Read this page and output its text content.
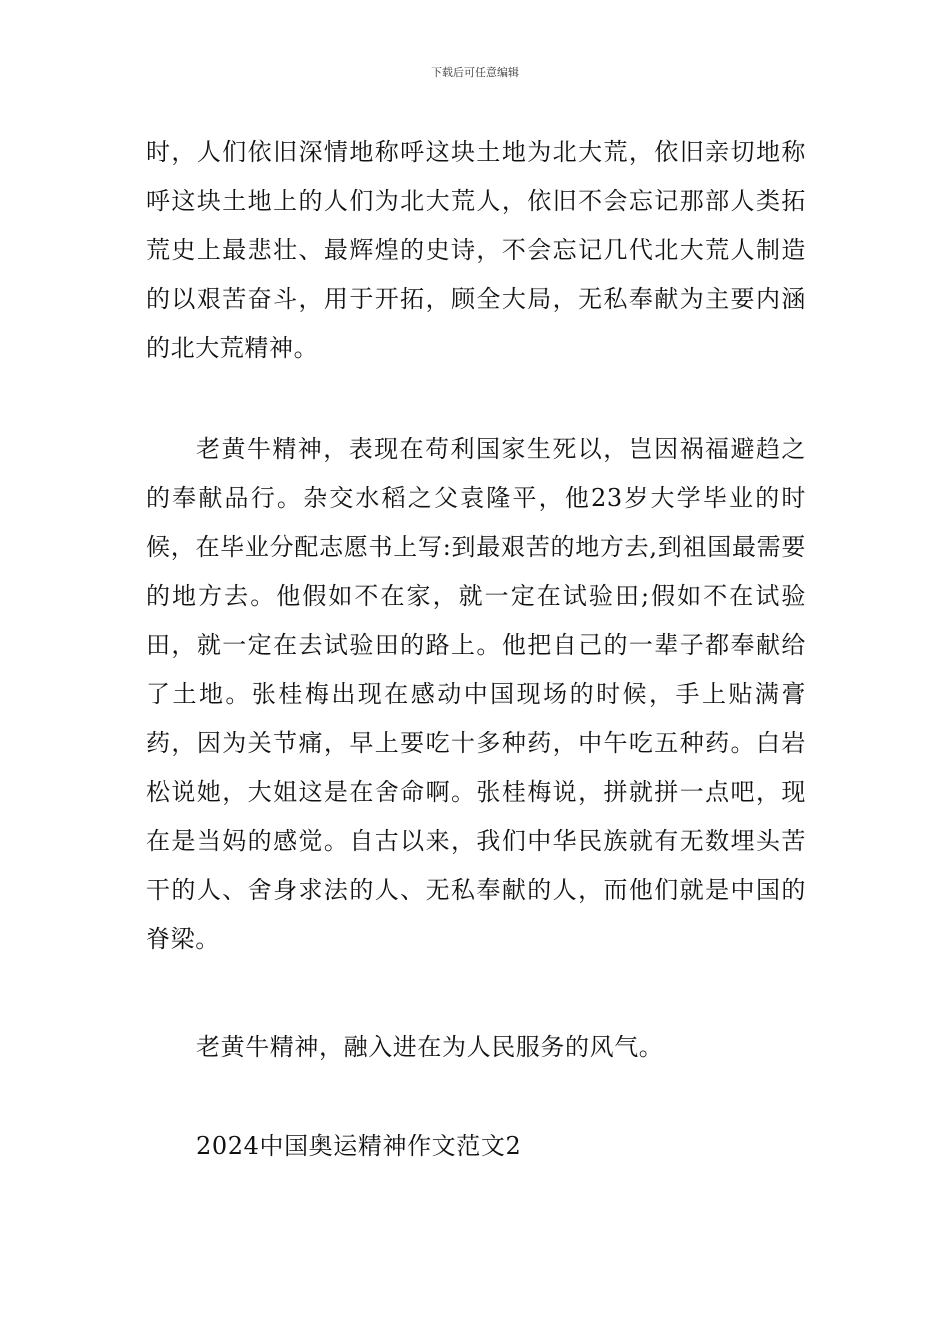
下载后可任意编辑

时，人们依旧深情地称呼这块土地为北大荒，依旧亲切地称呼这块土地上的人们为北大荒人，依旧不会忘记那部人类拓荒史上最悲壮、最辉煌的史诗，不会忘记几代北大荒人制造的以艰苦奋斗，用于开拓，顾全大局，无私奉献为主要内涵的北大荒精神。

老黄牛精神，表现在苟利国家生死以，岂因祸福避趋之的奉献品行。杂交水稻之父袁隆平，他23岁大学毕业的时候，在毕业分配志愿书上写:到最艰苦的地方去,到祖国最需要的地方去。他假如不在家，就一定在试验田;假如不在试验田，就一定在去试验田的路上。他把自己的一辈子都奉献给了土地。张桂梅出现在感动中国现场的时候，手上贴满膏药，因为关节痛，早上要吃十多种药，中午吃五种药。白岩松说她，大姐这是在舍命啊。张桂梅说，拼就拼一点吧，现在是当妈的感觉。自古以来，我们中华民族就有无数埋头苦干的人、舍身求法的人、无私奉献的人，而他们就是中国的脊梁。

老黄牛精神，融入进在为人民服务的风气。

2024中国奥运精神作文范文2
